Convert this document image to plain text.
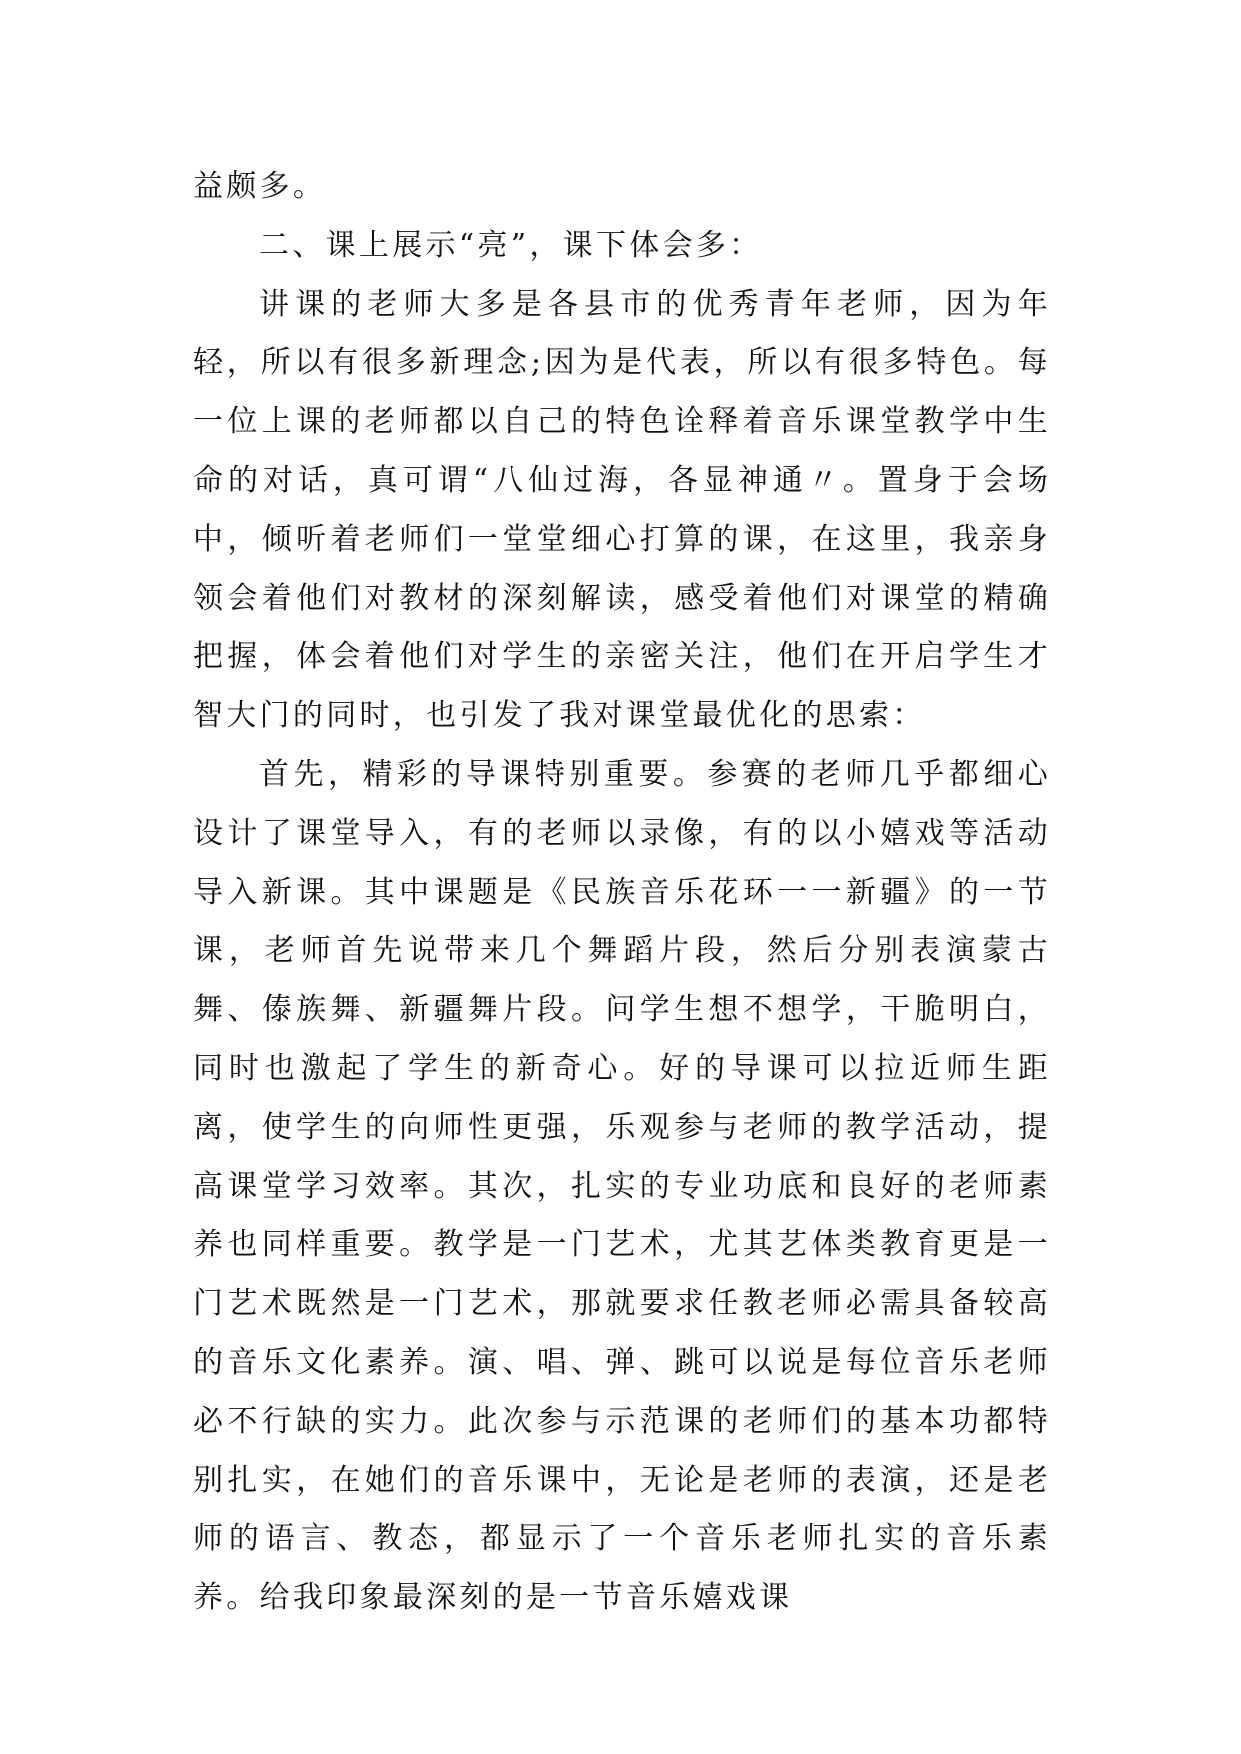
益颇多。

二、课上展示“亮”，课下体会多：

讲课的老师大多是各县市的优秀青年老师，因为年轻，所以有很多新理念;因为是代表，所以有很多特色。每一位上课的老师都以自己的特色诠释着音乐课堂教学中生命的对话，真可谓“八仙过海，各显神通〃。置身于会场中，倾听着老师们一堂堂细心打算的课，在这里，我亲身领会着他们对教材的深刻解读，感受着他们对课堂的精确把握，体会着他们对学生的亲密关注，他们在开启学生才智大门的同时，也引发了我对课堂最优化的思索：

首先，精彩的导课特别重要。参赛的老师几乎都细心设计了课堂导入，有的老师以录像，有的以小嬉戏等活动导入新课。其中课题是《民族音乐花环一一新疆》的一节课，老师首先说带来几个舞蹈片段，然后分别表演蒙古舞、傣族舞、新疆舞片段。问学生想不想学，干脆明白，同时也激起了学生的新奇心。好的导课可以拉近师生距离，使学生的向师性更强，乐观参与老师的教学活动，提高课堂学习效率。其次，扎实的专业功底和良好的老师素养也同样重要。教学是一门艺术，尤其艺体类教育更是一门艺术既然是一门艺术，那就要求任教老师必需具备较高的音乐文化素养。演、唱、弹、跳可以说是每位音乐老师必不行缺的实力。此次参与示范课的老师们的基本功都特别扎实，在她们的音乐课中，无论是老师的表演，还是老师的语言、教态，都显示了一个音乐老师扎实的音乐素养。给我印象最深刻的是一节音乐嬉戏课
